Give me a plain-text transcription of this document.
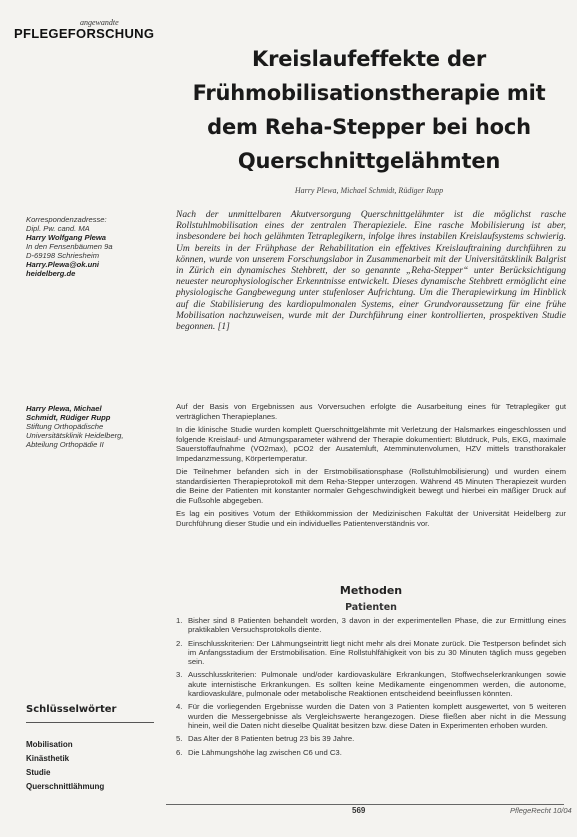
angewandte
PFLEGEFORSCHUNG
Kreislaufeffekte der Frühmobilisationstherapie mit dem Reha-Stepper bei hoch Querschnittgelähmten
Harry Plewa, Michael Schmidt, Rüdiger Rupp
Korrespondenzadresse:
Dipl. Pw. cand. MA
Harry Wolfgang Plewa
In den Fensenbäumen 9a
D-69198 Schriesheim
Harry.Plewa@ok.uni
heidelberg.de
Harry Plewa, Michael
Schmidt, Rüdiger Rupp
Stiftung Orthopädische
Universitätsklinik Heidelberg,
Abteilung Orthopädie II
Schlüsselwörter
Mobilisation
Kinästhetik
Studie
Querschnittlähmung

Nach der unmittelbaren Akutversorgung Querschnittgelähmter ist die möglichst rasche Rollstuhlmobilisation eines der zentralen Therapieziele. Eine rasche Mobilisierung ist aber, insbesondere bei hoch gelähmten Tetraplegikern, infolge ihres instabilen Kreislaufsystems schwierig. Um bereits in der Frühphase der Rehabilitation ein effektives Kreislauftraining durchführen zu können, wurde von unserem Forschungslabor in Zusammenarbeit mit der Universitätsklinik Balgrist in Zürich ein dynamisches Stehbrett, der so genannte „Reha-Stepper“ unter Berücksichtigung neuester neurophysiologischer Erkenntnisse entwickelt. Dieses dynamische Stehbrett ermöglicht eine physiologische Gangbewegung unter stufenloser Aufrichtung. Um die Therapiewirkung im Hinblick auf die Stabilisierung des kardiopulmonalen Systems, einer Grundvoraussetzung für eine frühe Mobilisation nachzuweisen, wurde mit der Durchführung einer kontrollierten, prospektiven Studie begonnen. [1]

Auf der Basis von Ergebnissen aus Vorversuchen erfolgte die Ausarbeitung eines für Tetraplegiker gut verträglichen Therapieplanes.

In die klinische Studie wurden komplett Querschnittgelähmte mit Verletzung der Halsmarkes eingeschlossen und folgende Kreislauf- und Atmungsparameter während der Therapie dokumentiert: Blutdruck, Puls, EKG, maximale Sauerstoffaufnahme (VO2max), pCO2 der Ausatemluft, Atemminutenvolumen, HZV mittels transthorakaler Impedanzmessung, Körpertemperatur.

Die Teilnehmer befanden sich in der Erstmobilisationsphase (Rollstuhlmobilisierung) und wurden einem standardisierten Therapieprotokoll mit dem Reha-Stepper unterzogen. Während 45 Minuten Therapiezeit wurden die Beine der Patienten mit konstanter normaler Gehgeschwindigkeit bewegt und hierbei ein mäßiger Druck auf die Fußsohle abgegeben.

Es lag ein positives Votum der Ethikkommission der Medizinischen Fakultät der Universität Heidelberg zur Durchführung dieser Studie und ein individuelles Patientenverständnis vor.

Methoden
Patienten
1. Bisher sind 8 Patienten behandelt worden, 3 davon in der experimentellen Phase, die zur Ermittlung eines praktikablen Versuchsprotokolls diente.
2. Einschlusskriterien: Der Lähmungseintritt liegt nicht mehr als drei Monate zurück. Die Testperson befindet sich im Anfangsstadium der Erstmobilisation. Eine Rollstuhlfähigkeit von bis zu 30 Minuten täglich muss gegeben sein.
3. Ausschlusskriterien: Pulmonale und/oder kardiovaskuläre Erkrankungen, Stoffwechselerkrankungen sowie akute internistische Erkrankungen. Es sollten keine Medikamente eingenommen werden, die autonome, kardiovaskuläre, pulmonale oder metabolische Reaktionen entscheidend beeinflussen könnten.
4. Für die vorliegenden Ergebnisse wurden die Daten von 3 Patienten komplett ausgewertet, von 5 weiteren wurden die Messergebnisse als Vergleichswerte herangezogen. Diese fließen aber nicht in die Messung hinein, weil die Daten nicht dieselbe Qualität besitzen bzw. diese Daten in Experimenten erhoben wurden.
5. Das Alter der 8 Patienten betrug 23 bis 39 Jahre.
6. Die Lähmungshöhe lag zwischen C6 und C3.
569	PflegeRecht 10/04
